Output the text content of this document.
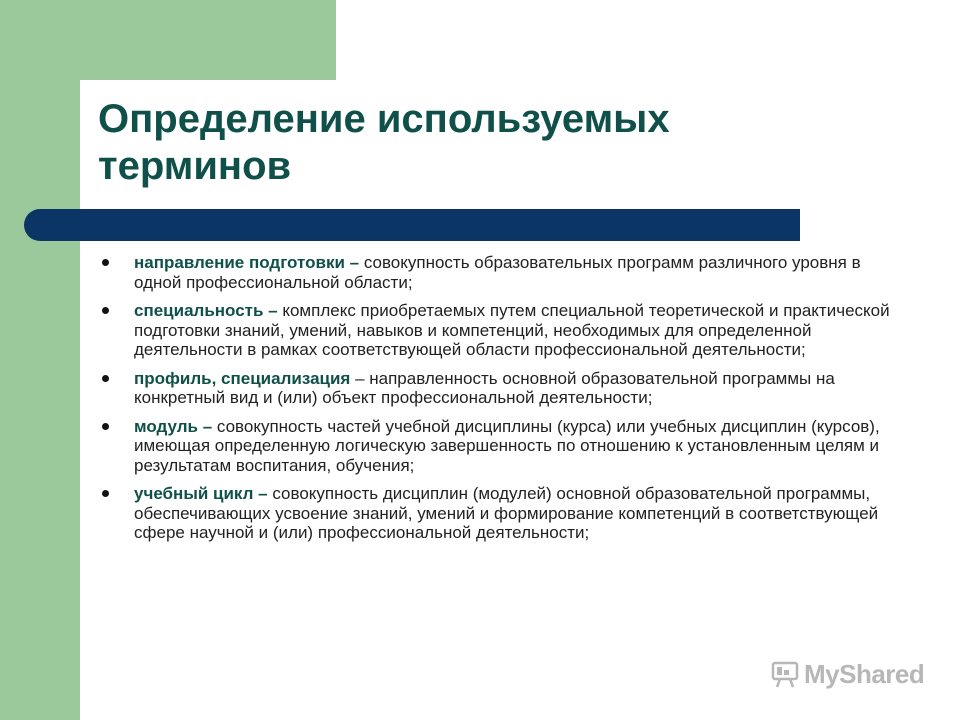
Определение используемых терминов
направление подготовки – совокупность образовательных программ различного уровня в одной профессиональной области;
специальность – комплекс приобретаемых путем специальной теоретической и практической подготовки знаний, умений, навыков и компетенций, необходимых для определенной деятельности в рамках соответствующей области профессиональной деятельности;
профиль, специализация – направленность основной образовательной программы на конкретный вид и (или) объект профессиональной деятельности;
модуль – совокупность частей учебной дисциплины (курса) или учебных дисциплин (курсов), имеющая определенную логическую завершенность по отношению к установленным целям и результатам воспитания, обучения;
учебный цикл – совокупность дисциплин (модулей) основной образовательной программы, обеспечивающих усвоение знаний, умений и формирование компетенций в соответствующей сфере научной и (или) профессиональной деятельности;
MyShared
